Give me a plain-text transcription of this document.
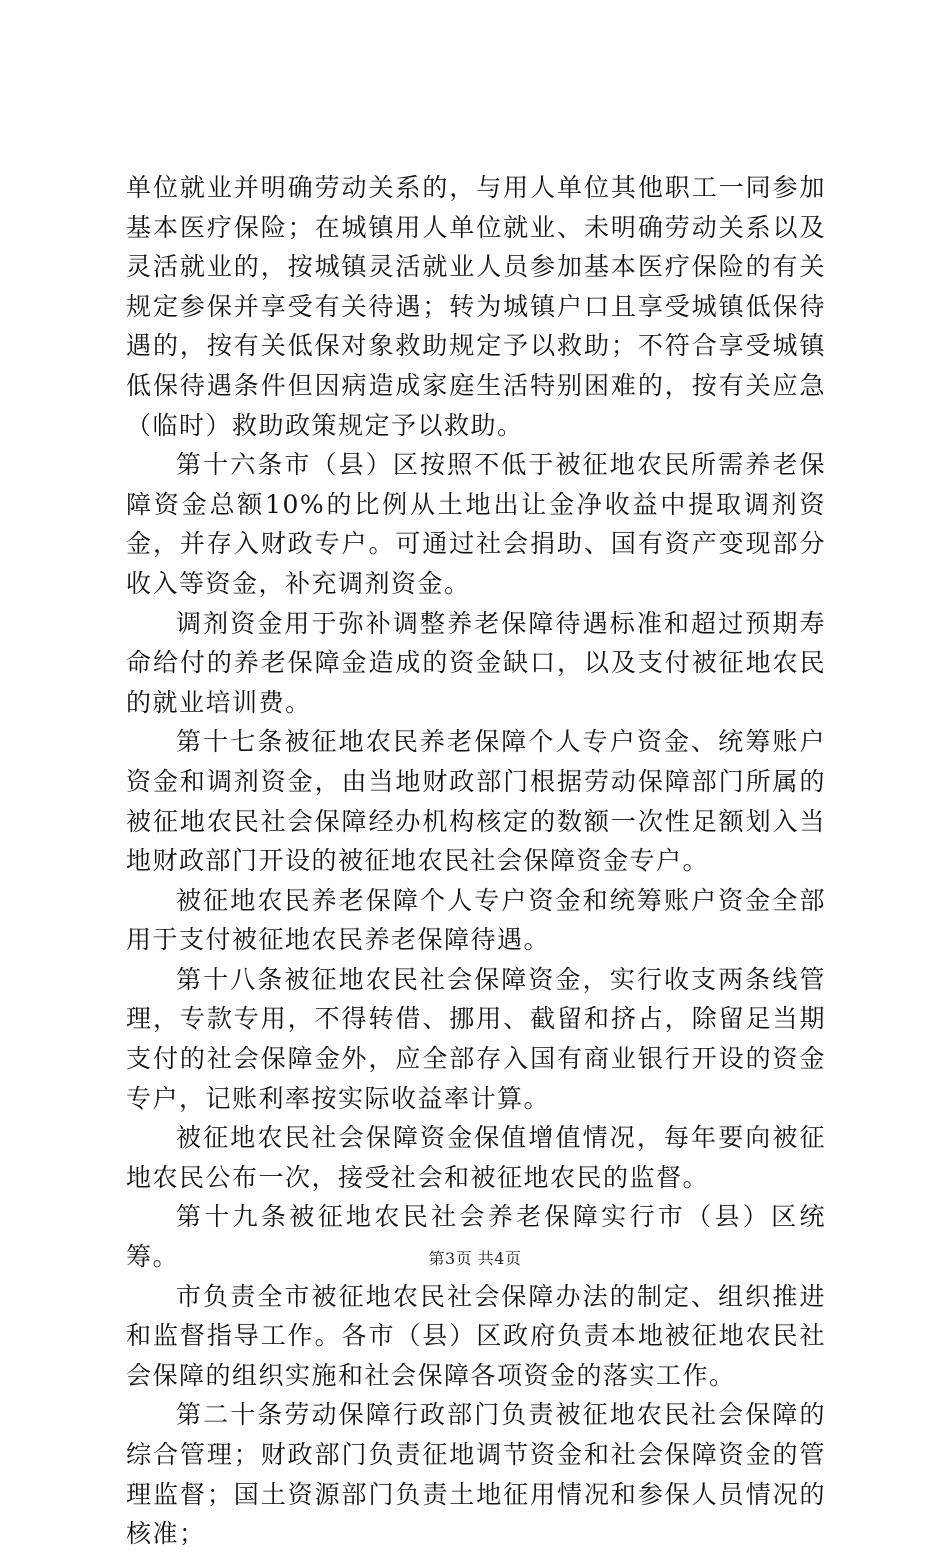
单位就业并明确劳动关系的，与用人单位其他职工一同参加基本医疗保险；在城镇用人单位就业、未明确劳动关系以及灵活就业的，按城镇灵活就业人员参加基本医疗保险的有关规定参保并享受有关待遇；转为城镇户口且享受城镇低保待遇的，按有关低保对象救助规定予以救助；不符合享受城镇低保待遇条件但因病造成家庭生活特别困难的，按有关应急（临时）救助政策规定予以救助。

第十六条市（县）区按照不低于被征地农民所需养老保障资金总额10%的比例从土地出让金净收益中提取调剂资金，并存入财政专户。可通过社会捐助、国有资产变现部分收入等资金，补充调剂资金。

调剂资金用于弥补调整养老保障待遇标准和超过预期寿命给付的养老保障金造成的资金缺口，以及支付被征地农民的就业培训费。

第十七条被征地农民养老保障个人专户资金、统筹账户资金和调剂资金，由当地财政部门根据劳动保障部门所属的被征地农民社会保障经办机构核定的数额一次性足额划入当地财政部门开设的被征地农民社会保障资金专户。

被征地农民养老保障个人专户资金和统筹账户资金全部用于支付被征地农民养老保障待遇。

第十八条被征地农民社会保障资金，实行收支两条线管理，专款专用，不得转借、挪用、截留和挤占，除留足当期支付的社会保障金外，应全部存入国有商业银行开设的资金专户，记账利率按实际收益率计算。

被征地农民社会保障资金保值增值情况，每年要向被征地农民公布一次，接受社会和被征地农民的监督。

第十九条被征地农民社会养老保障实行市（县）区统筹。

市负责全市被征地农民社会保障办法的制定、组织推进和监督指导工作。各市（县）区政府负责本地被征地农民社会保障的组织实施和社会保障各项资金的落实工作。

第二十条劳动保障行政部门负责被征地农民社会保障的综合管理；财政部门负责征地调节资金和社会保障资金的管理监督；国土资源部门负责土地征用情况和参保人员情况的核准；

第3页 共4页
